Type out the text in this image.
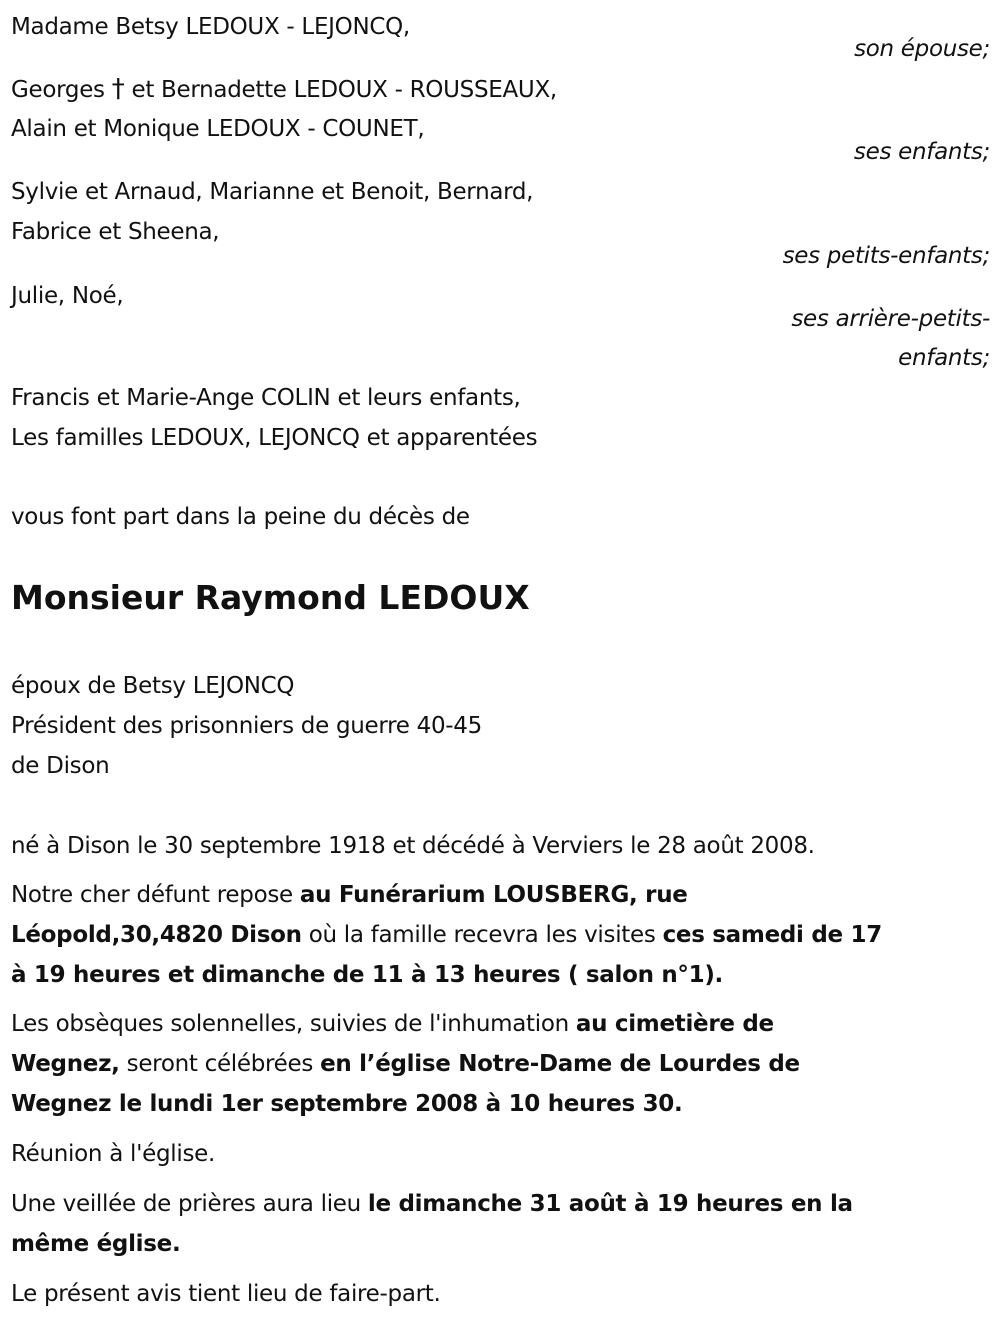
Madame Betsy LEDOUX - LEJONCQ,
son épouse;
Georges † et Bernadette LEDOUX - ROUSSEAUX,
Alain et Monique LEDOUX - COUNET,
ses enfants;
Sylvie et Arnaud, Marianne et Benoit, Bernard,
Fabrice et Sheena,
ses petits-enfants;
Julie, Noé,
ses arrière-petits-
enfants;
Francis et Marie-Ange COLIN et leurs enfants,
Les familles LEDOUX, LEJONCQ et apparentées
vous font part dans la peine du décès de
Monsieur Raymond LEDOUX
époux de Betsy LEJONCQ
Président des prisonniers de guerre 40-45
de Dison
né à Dison le 30 septembre 1918 et décédé à Verviers le 28 août 2008.
Notre cher défunt repose au Funérarium LOUSBERG, rue
Léopold,30,4820 Dison où la famille recevra les visites ces samedi de 17
à 19 heures et dimanche de 11 à 13 heures ( salon n°1).
Les obsèques solennelles, suivies de l'inhumation au cimetière de
Wegnez, seront célébrées en l’église Notre-Dame de Lourdes de
Wegnez le lundi 1er septembre 2008 à 10 heures 30.
Réunion à l'église.
Une veillée de prières aura lieu le dimanche 31 août à 19 heures en la
même église.
Le présent avis tient lieu de faire-part.
